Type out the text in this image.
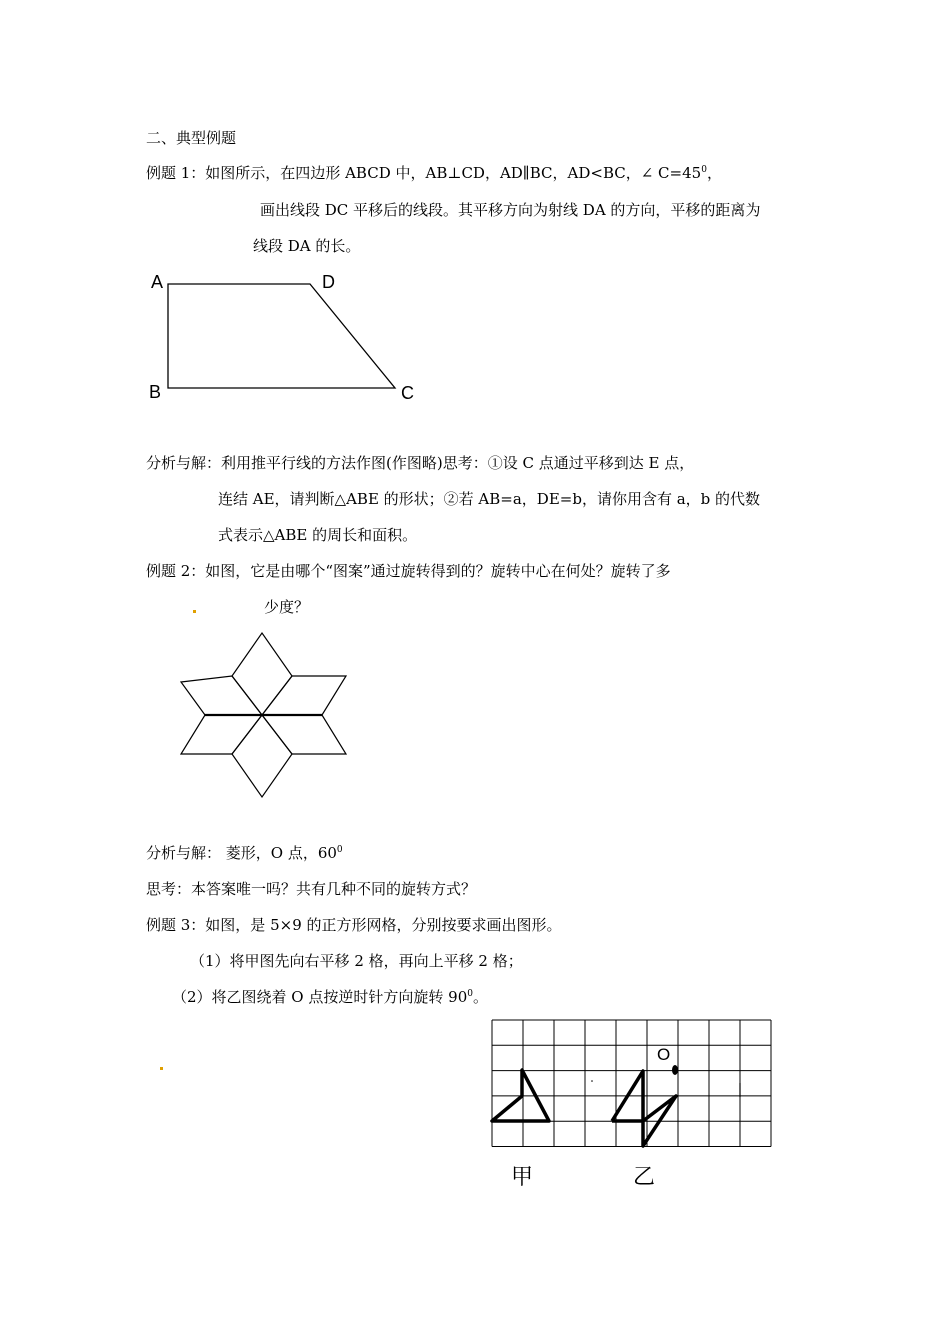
二、典型例题
例题 1：如图所示，在四边形 ABCD 中，AB⊥CD，AD∥BC，AD<BC，∠ $C=45^0$，
画出线段 DC 平移后的线段。其平移方向为射线 DA 的方向，平移的距离为
线段 DA 的长。
A	D
B	C
分析与解：利用推平行线的方法作图(作图略)思考：①设 C 点通过平移到达 E 点，
连结 AE，请判断△ABE 的形状；②若 AB=a，DE=b，请你用含有 a，b 的代数
式表示△ABE 的周长和面积。
例题 2：如图，它是由哪个“图案”通过旋转得到的？旋转中心在何处？旋转了多
少度？
分析与解： 菱形，O 点，$60^0$
思考：本答案唯一吗？共有几种不同的旋转方式？
例题 3：如图，是 5×9 的正方形网格，分别按要求画出图形。
（1）将甲图先向右平移 2 格，再向上平移 2 格；
（2）将乙图绕着 O 点按逆时针方向旋转 $90^0$。
O
甲	乙
